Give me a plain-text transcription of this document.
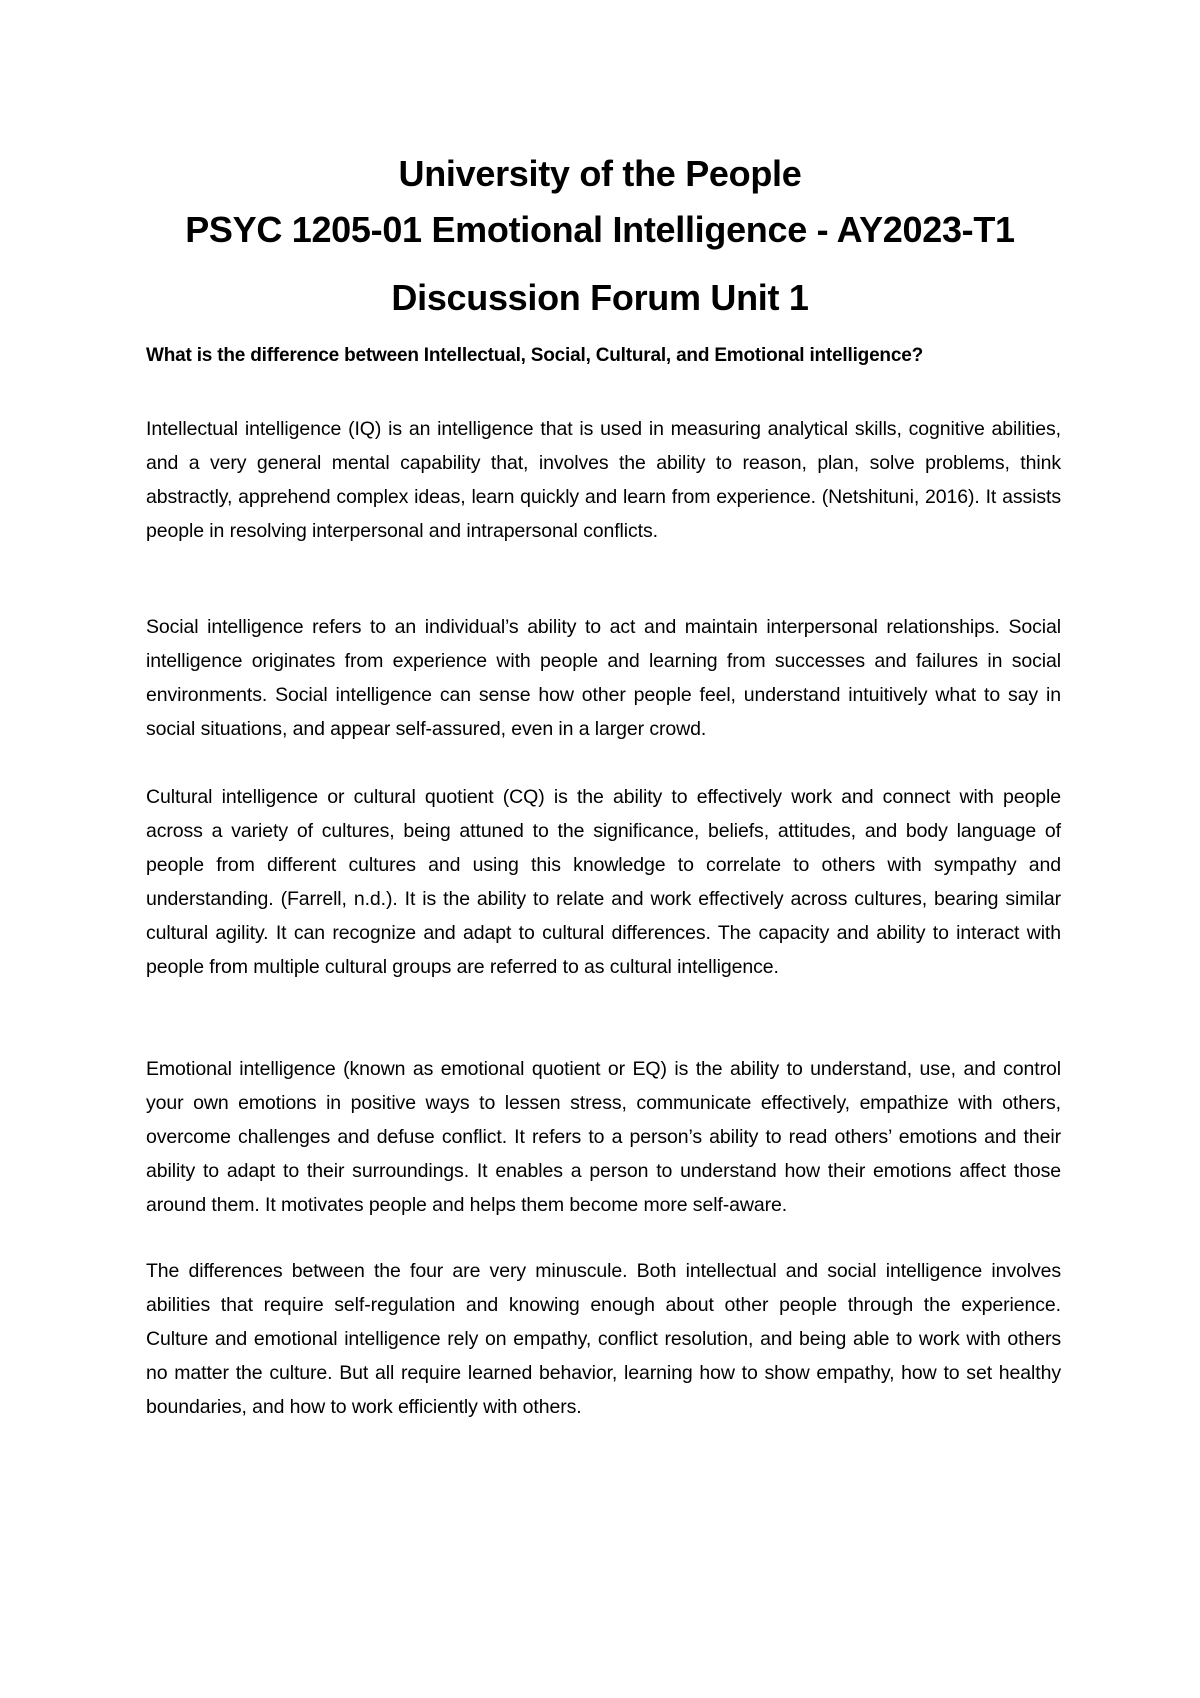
University of the People
PSYC 1205-01 Emotional Intelligence - AY2023-T1
Discussion Forum Unit 1
What is the difference between Intellectual, Social, Cultural, and Emotional intelligence?

Intellectual intelligence (IQ) is an intelligence that is used in measuring analytical skills, cognitive abilities, and a very general mental capability that, involves the ability to reason, plan, solve problems, think abstractly, apprehend complex ideas, learn quickly and learn from experience. (Netshituni, 2016). It assists people in resolving interpersonal and intrapersonal conflicts.

Social intelligence refers to an individual’s ability to act and maintain interpersonal relationships. Social intelligence originates from experience with people and learning from successes and failures in social environments. Social intelligence can sense how other people feel, understand intuitively what to say in social situations, and appear self-assured, even in a larger crowd.

Cultural intelligence or cultural quotient (CQ) is the ability to effectively work and connect with people across a variety of cultures, being attuned to the significance, beliefs, attitudes, and body language of people from different cultures and using this knowledge to correlate to others with sympathy and understanding. (Farrell, n.d.). It is the ability to relate and work effectively across cultures, bearing similar cultural agility. It can recognize and adapt to cultural differences. The capacity and ability to interact with people from multiple cultural groups are referred to as cultural intelligence.

Emotional intelligence (known as emotional quotient or EQ) is the ability to understand, use, and control your own emotions in positive ways to lessen stress, communicate effectively, empathize with others, overcome challenges and defuse conflict. It refers to a person’s ability to read others’ emotions and their ability to adapt to their surroundings. It enables a person to understand how their emotions affect those around them. It motivates people and helps them become more self-aware.

The differences between the four are very minuscule. Both intellectual and social intelligence involves abilities that require self-regulation and knowing enough about other people through the experience. Culture and emotional intelligence rely on empathy, conflict resolution, and being able to work with others no matter the culture. But all require learned behavior, learning how to show empathy, how to set healthy boundaries, and how to work efficiently with others.
